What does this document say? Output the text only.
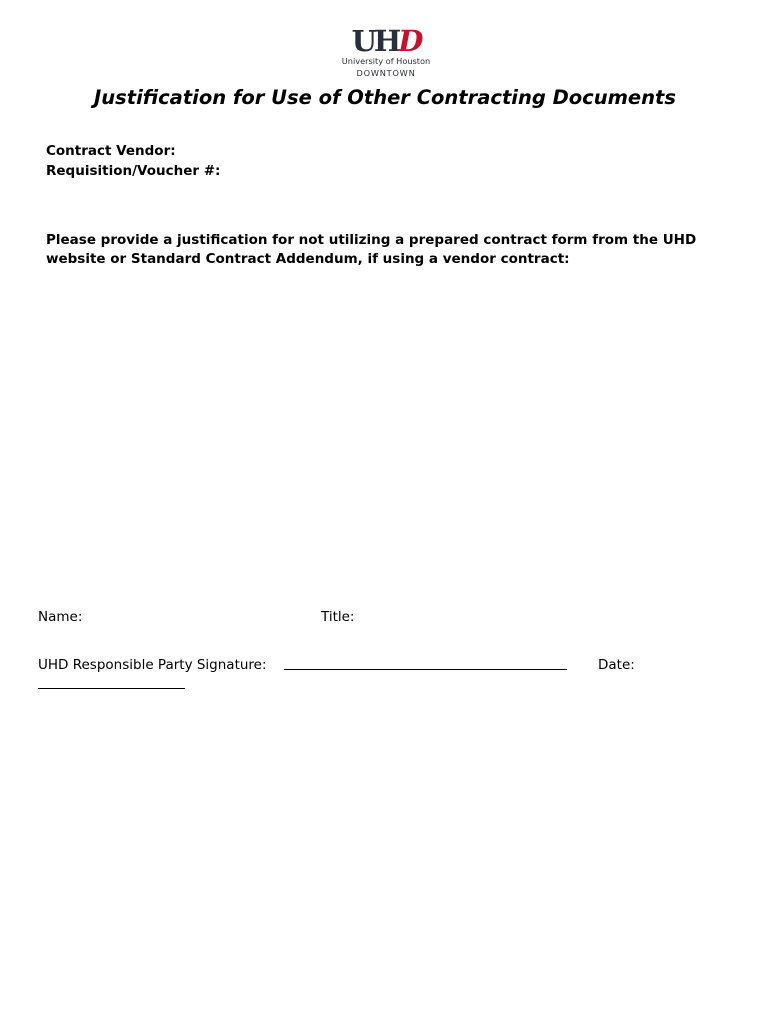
UHD
University of Houston
DOWNTOWN
Justification for Use of Other Contracting Documents
Contract Vendor:
Requisition/Voucher #:
Please provide a justification for not utilizing a prepared contract form from the UHD website or Standard Contract Addendum, if using a vendor contract:
Name:	Title:
UHD Responsible Party Signature:	Date:
